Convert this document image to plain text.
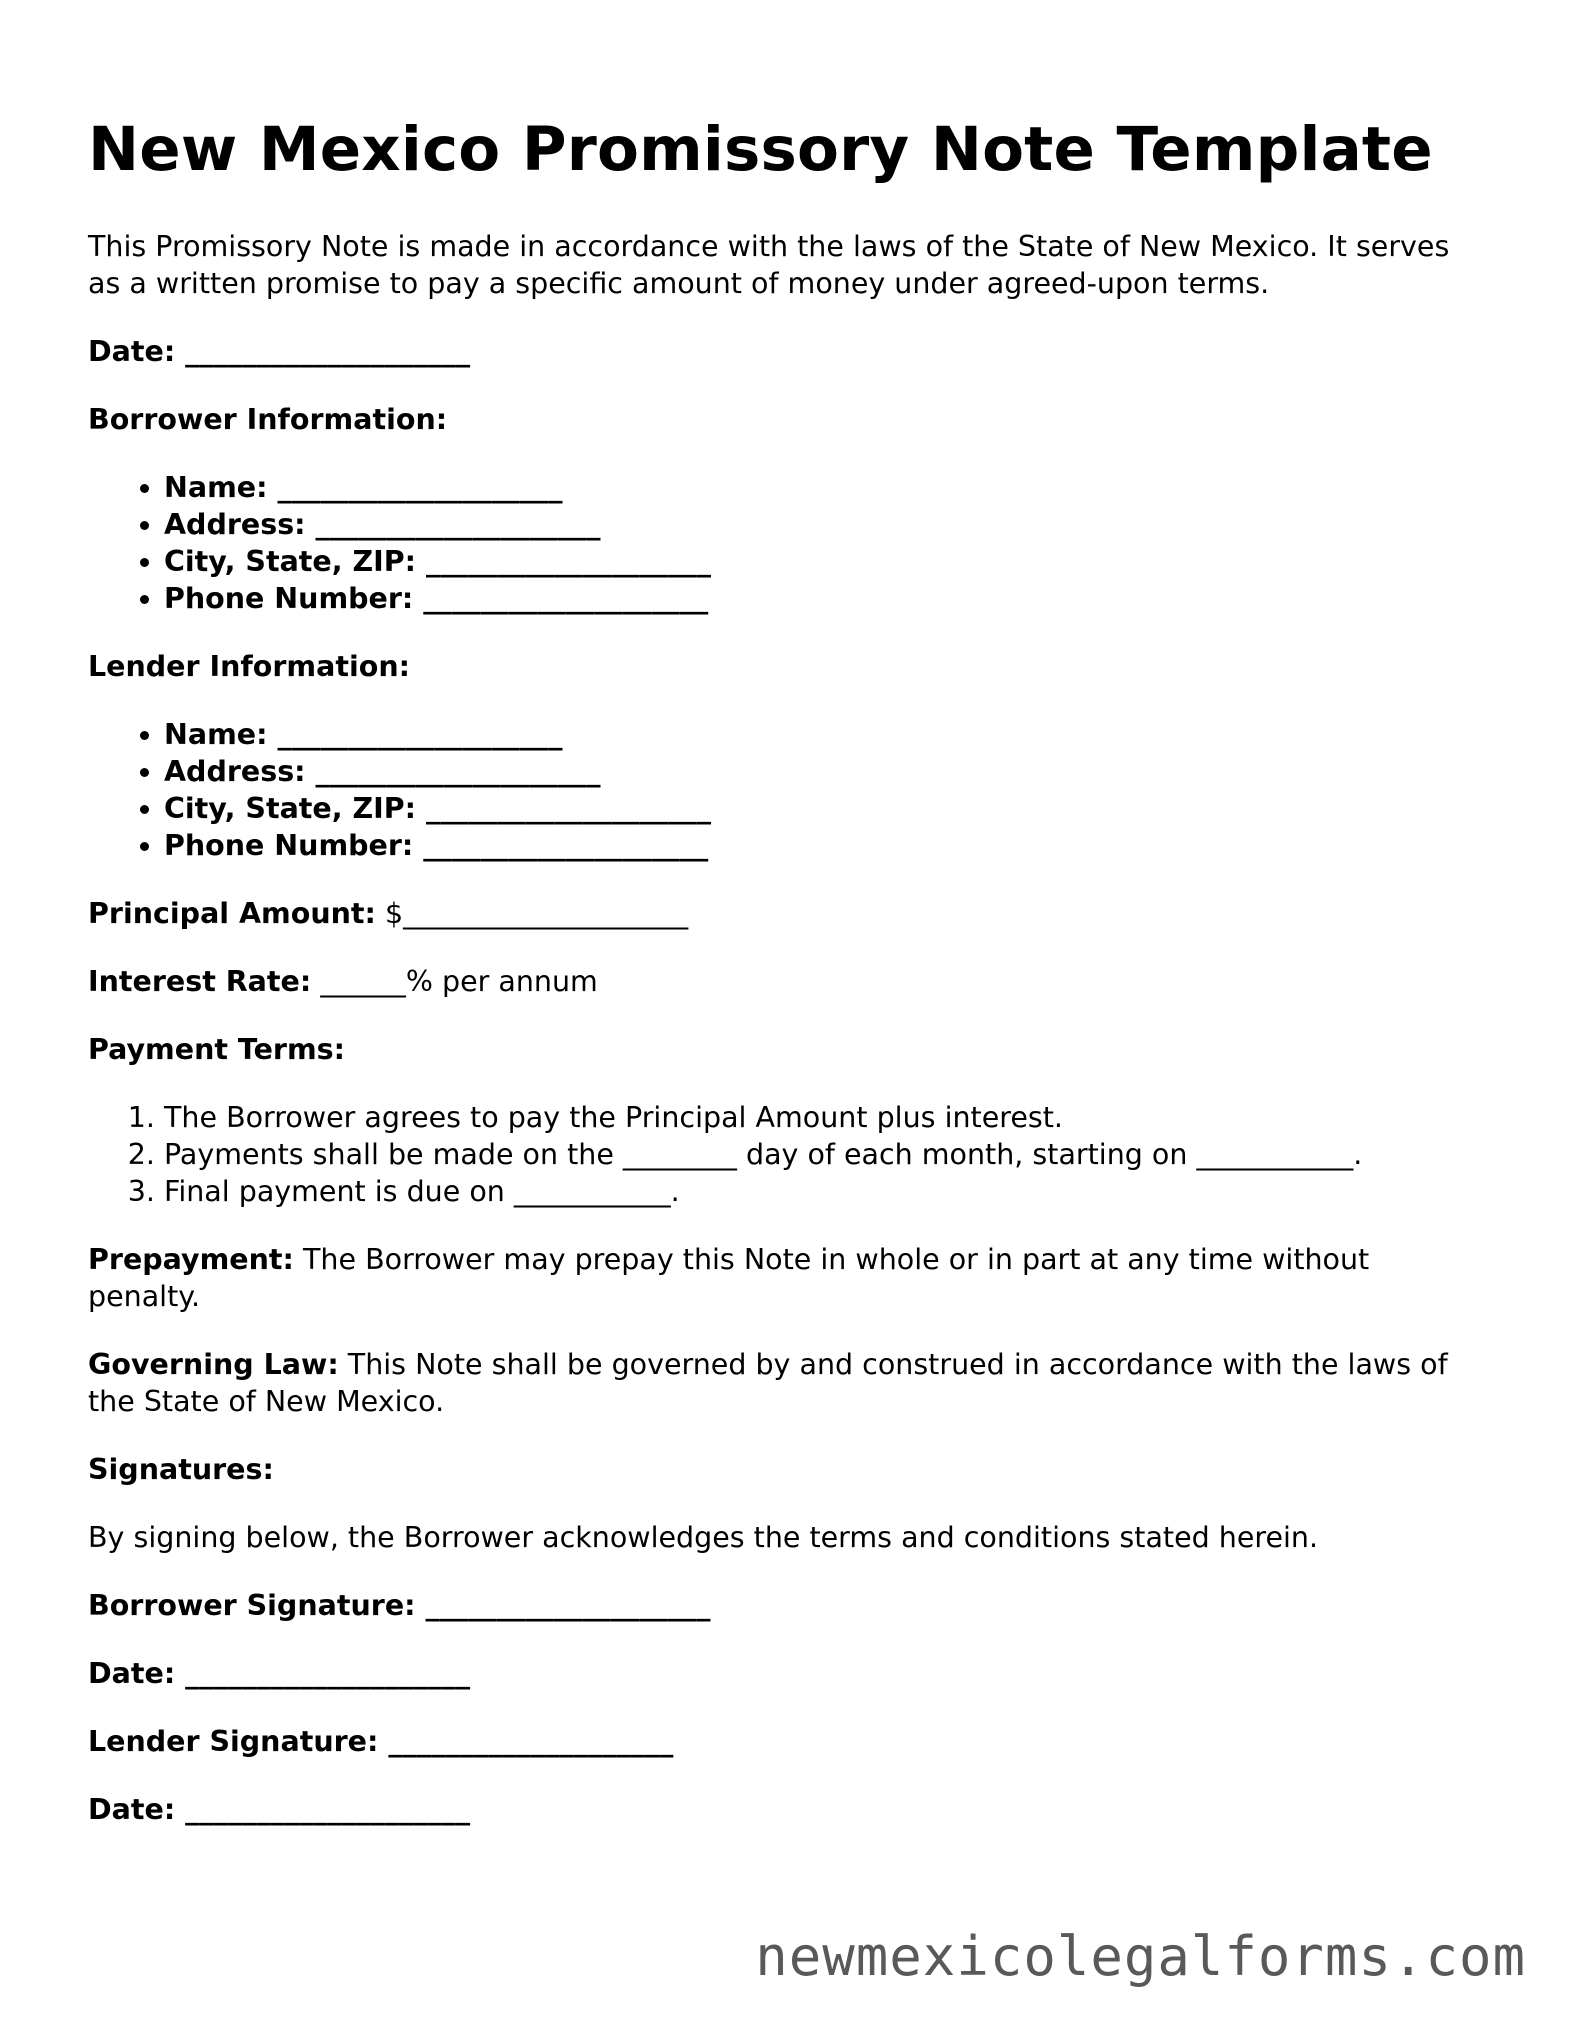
New Mexico Promissory Note Template

This Promissory Note is made in accordance with the laws of the State of New Mexico. It serves as a written promise to pay a specific amount of money under agreed-upon terms.

Date: ____________________

Borrower Information:

• Name: ____________________
• Address: ____________________
• City, State, ZIP: ____________________
• Phone Number: ____________________

Lender Information:

• Name: ____________________
• Address: ____________________
• City, State, ZIP: ____________________
• Phone Number: ____________________

Principal Amount: $____________________

Interest Rate: ______% per annum

Payment Terms:

1. The Borrower agrees to pay the Principal Amount plus interest.
2. Payments shall be made on the ________ day of each month, starting on ___________.
3. Final payment is due on ___________.

Prepayment: The Borrower may prepay this Note in whole or in part at any time without penalty.

Governing Law: This Note shall be governed by and construed in accordance with the laws of the State of New Mexico.

Signatures:

By signing below, the Borrower acknowledges the terms and conditions stated herein.

Borrower Signature: ____________________

Date: ____________________

Lender Signature: ____________________

Date: ____________________

newmexicolegalforms.com
